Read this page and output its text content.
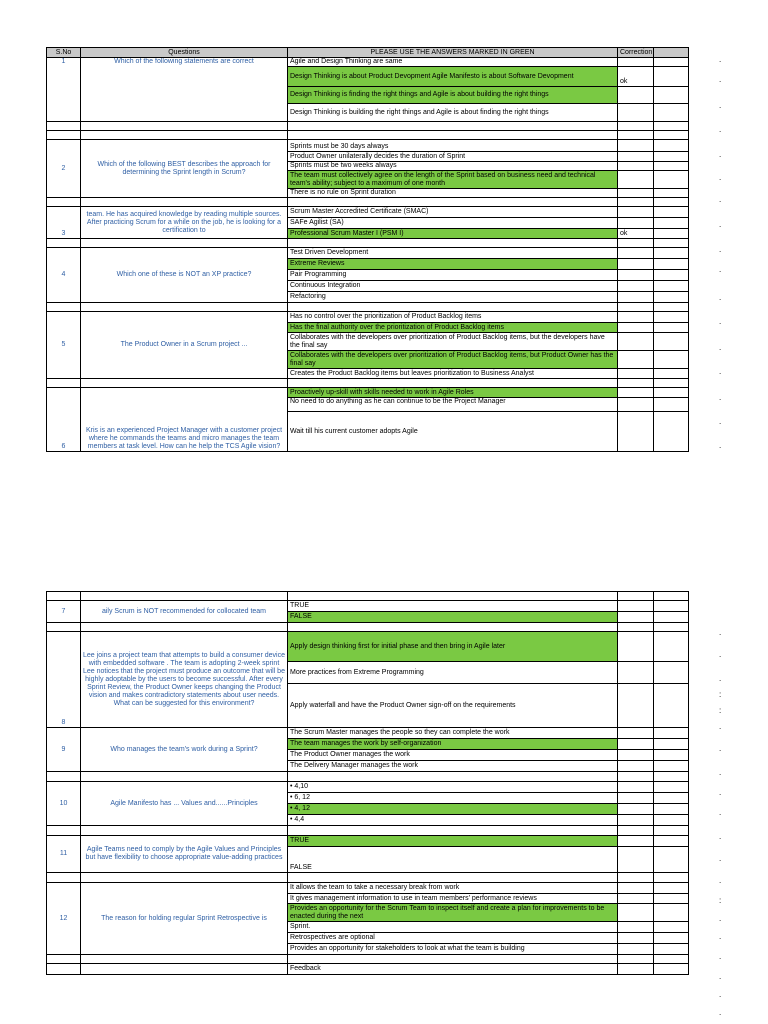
S.No	Questions	PLEASE USE THE ANSWERS MARKED IN GREEN	Correction	
1	Which of the following statements are correct	Agile and Design Thinking are same		
		Design Thinking is about Product Devopment Agile Manifesto is about Software Devopment	ok	
		Design Thinking is finding the right things and Agile is about building the right things		
		Design Thinking is building the right things and Agile is about finding the right things		

2	Which of the following BEST describes the approach for determining the Sprint length in Scrum?	Sprints must be 30 days always		
		Product Owner unilaterally decides the duration of Sprint		
		Sprints must be two weeks always		
		The team must collectively agree on the length of the Sprint based on business need and technical team's ability; subject to a maximum of one month		
		There is no rule on Sprint duration		

3	team. He has acquired knowledge by reading multiple sources. After practicing Scrum for a while on the job, he is looking for a certification to	Scrum Master Accredited Certificate (SMAC)		
		SAFe Agilist (SA)		
		Professional Scrum Master I (PSM I)	ok	

4	Which one of these is NOT an XP practice?	Test Driven Development		
		Extreme Reviews		
		Pair Programming		
		Continuous Integration		
		Refactoring		

5	The Product Owner in a Scrum project ...	Has no control over the prioritization of Product Backlog items		
		Has the final authority over the prioritization of Product Backlog items		
		Collaborates with the developers over prioritization of Product Backlog items, but the developers have the final say		
		Collaborates with the developers over prioritization of Product Backlog items, but Product Owner has the final say		
		Creates the Product Backlog items but leaves prioritization to Business Analyst		

6	Kris is an experienced Project Manager with a customer project where he commands the teams and micro manages the team members at task level. How can he help the TCS Agile vision?	Proactively up-skill with skills needed to work in Agile Roles		
		No need to do anything as he can continue to be the Project Manager		
		Wait till his current customer adopts Agile		

7	aily Scrum is NOT recommended for collocated team	TRUE		
		FALSE		

8	Lee joins a project team that attempts to build a consumer device with embedded software . The team is adopting 2-week sprint Lee notices that the project must produce an outcome that will be highly adoptable by the users to become successful. After every Sprint Review, the Product Owner keeps changing the Product vision and makes contradictory statements about user needs. What can be suggested for this environment?	Apply design thinking first for initial phase and then bring in Agile later		
		More practices from Extreme Programming		
		Apply waterfall and have the Product Owner sign-off on the requirements		
9	Who manages the team's work during a Sprint?	The Scrum Master manages the people so they can complete the work		
		The team manages the work by self-organization		
		The Product Owner manages the work		
		The Delivery Manager manages the work		

10	Agile Manifesto has ... Values and......Principles	• 4,10		
		• 6, 12		
		• 4, 12		
		• 4,4		

11	Agile Teams need to comply by the Agile Values and Principles but have flexibility to choose appropriate value-adding practices	TRUE		
		FALSE		

12	The reason for holding regular Sprint Retrospective is	It allows the team to take a necessary break from work		
		It gives management information to use in team members' performance reviews		
		Provides an opportunity for the Scrum Team to inspect itself and create a plan for improvements to be enacted during the next		
		Sprint.		
		Retrospectives are optional		
		Provides an opportunity for stakeholders to look at what the team is building		

		Feedback		
.
.
.
.
.
.
.
.
.
.
.
.
.
.
.
.
.
.
.
.
:
:
.
.
.
.
.
.
.
.
:
.
.
.
.
.
.
